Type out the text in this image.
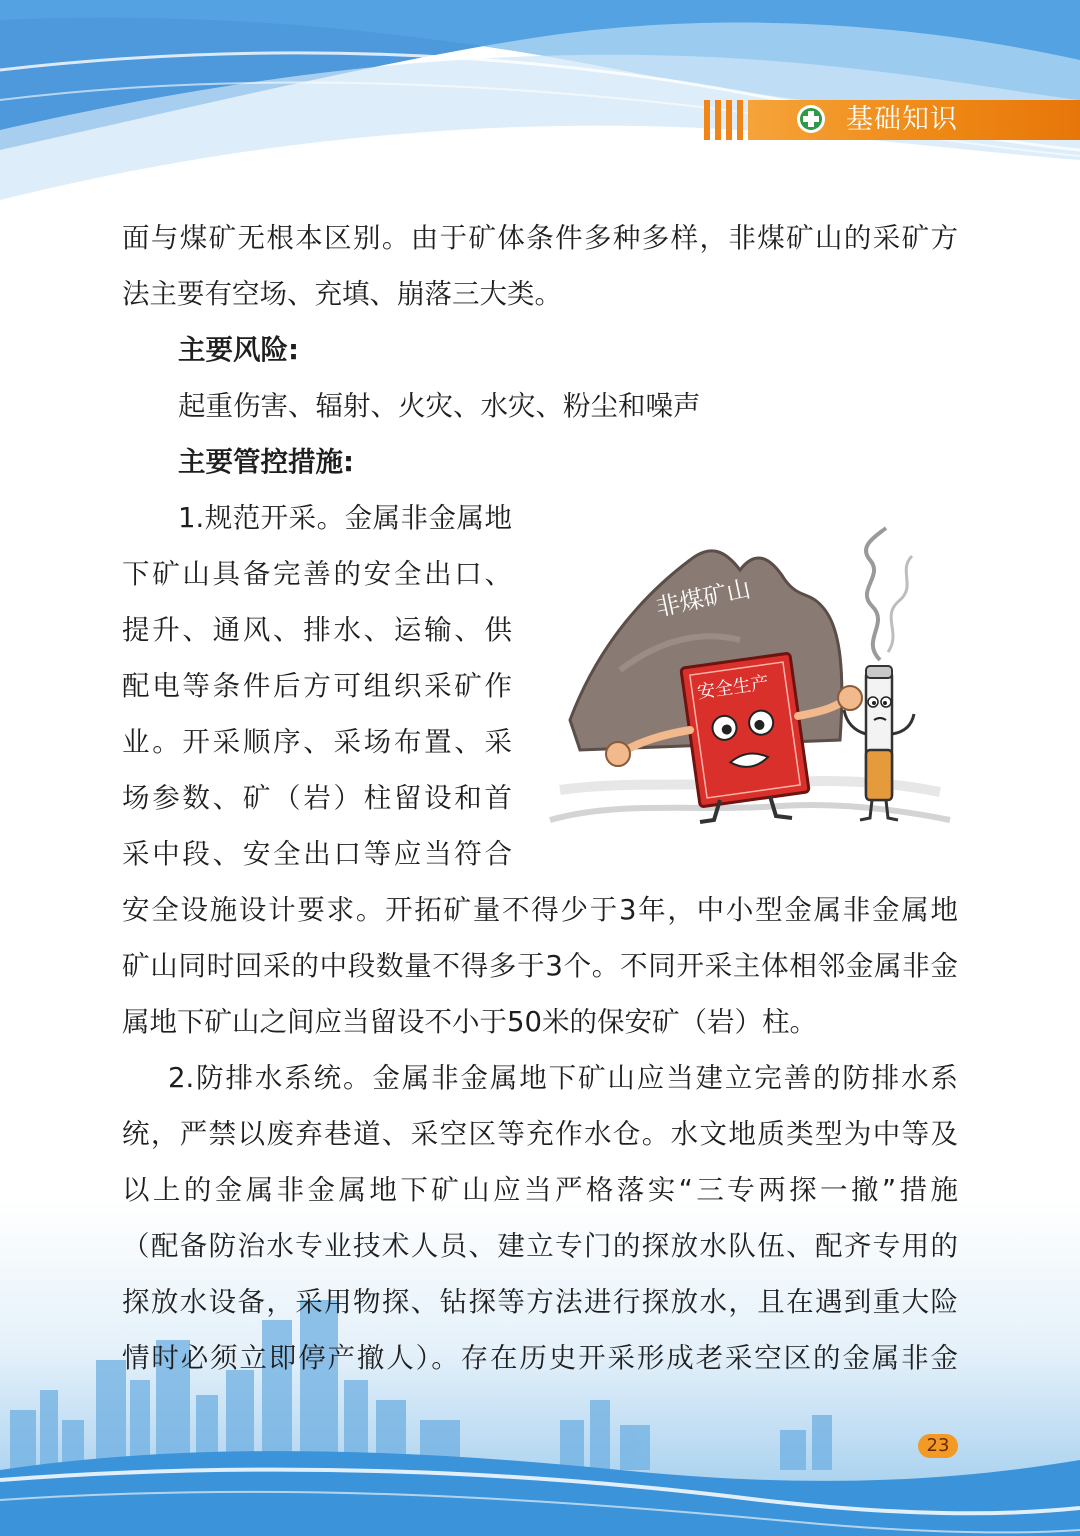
基础知识

面与煤矿无根本区别。由于矿体条件多种多样，非煤矿山的采矿方

法主要有空场、充填、崩落三大类。

主要风险:

起重伤害、辐射、火灾、水灾、粉尘和噪声

主要管控措施:

1.规范开采。金属非金属地

下矿山具备完善的安全出口、

提升、通风、排水、运输、供

配电等条件后方可组织采矿作

业。开采顺序、采场布置、采

场参数、矿（岩）柱留设和首

采中段、安全出口等应当符合

安全设施设计要求。开拓矿量不得少于3年，中小型金属非金属地

矿山同时回采的中段数量不得多于3个。不同开采主体相邻金属非金

属地下矿山之间应当留设不小于50米的保安矿（岩）柱。

2.防排水系统。金属非金属地下矿山应当建立完善的防排水系

统，严禁以废弃巷道、采空区等充作水仓。水文地质类型为中等及

以上的金属非金属地下矿山应当严格落实“三专两探一撤”措施

（配备防治水专业技术人员、建立专门的探放水队伍、配齐专用的

探放水设备，采用物探、钻探等方法进行探放水，且在遇到重大险

情时必须立即停产撤人）。存在历史开采形成老采空区的金属非金

非煤矿山
安全生产
23
